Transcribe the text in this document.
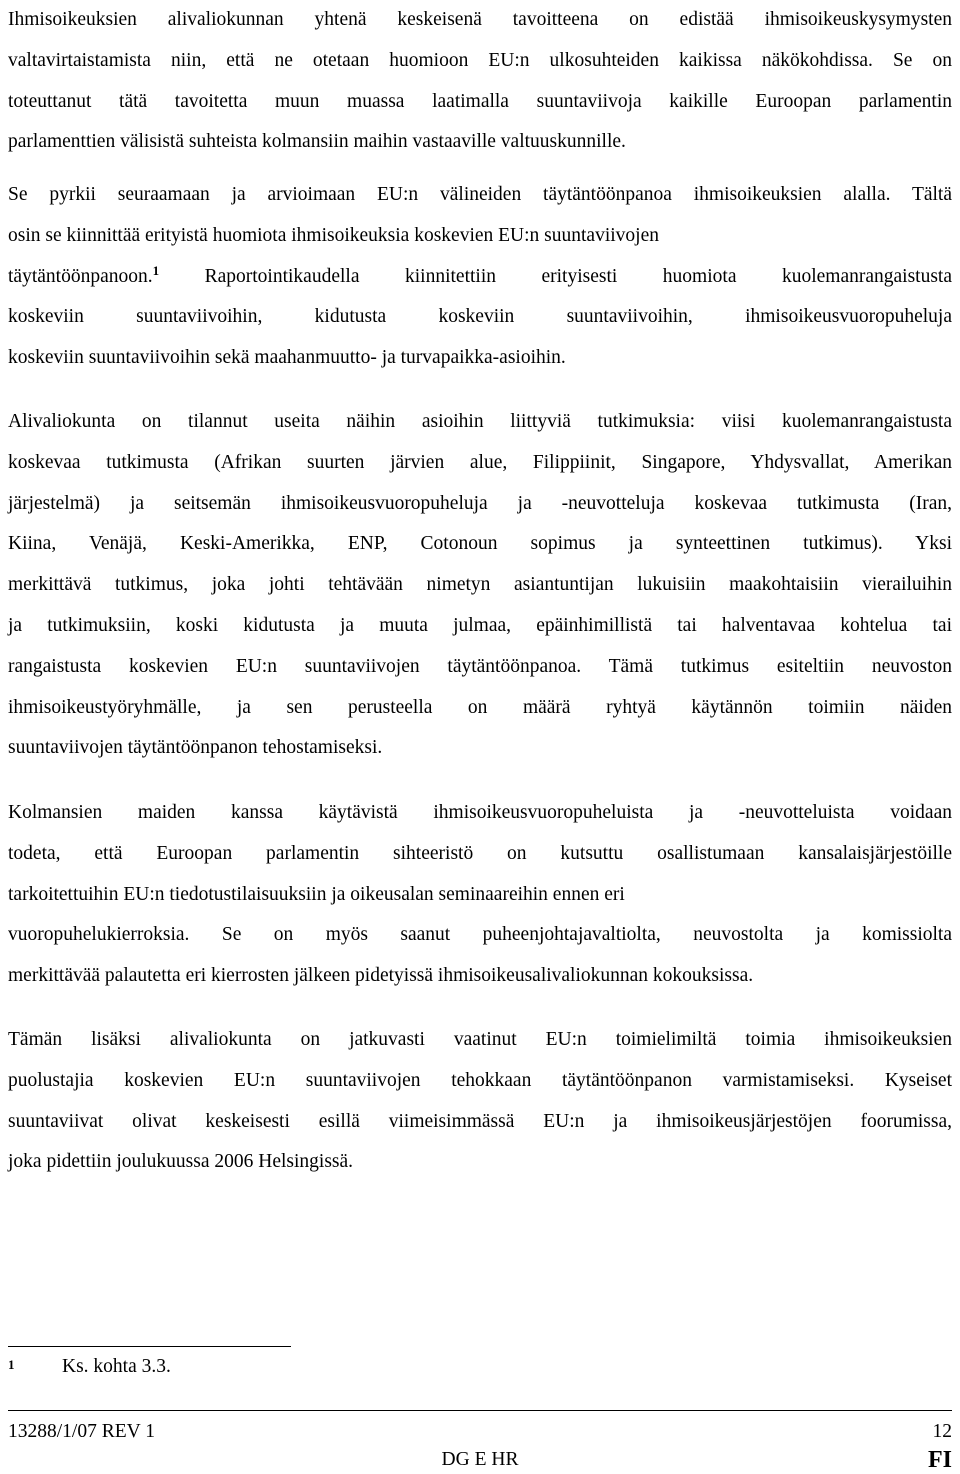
Ihmisoikeuksien alivaliokunnan yhtenä keskeisenä tavoitteena on edistää ihmisoikeuskysymysten
valtavirtaistamista niin, että ne otetaan huomioon EU:n ulkosuhteiden kaikissa näkökohdissa. Se on
toteuttanut tätä tavoitetta muun muassa laatimalla suuntaviivoja kaikille Euroopan parlamentin
parlamenttien välisistä suhteista kolmansiin maihin vastaaville valtuuskunnille.

Se pyrkii seuraamaan ja arvioimaan EU:n välineiden täytäntöönpanoa ihmisoikeuksien alalla. Tältä
osin se kiinnittää erityistä huomiota ihmisoikeuksia koskevien EU:n suuntaviivojen
täytäntöönpanoon.$^1$ Raportointikaudella kiinnitettiin erityisesti huomiota kuolemanrangaistusta
koskeviin suuntaviivoihin, kidutusta koskeviin suuntaviivoihin, ihmisoikeusvuoropuheluja
koskeviin suuntaviivoihin sekä maahanmuutto- ja turvapaikka-asioihin.

Alivaliokunta on tilannut useita näihin asioihin liittyviä tutkimuksia: viisi kuolemanrangaistusta
koskevaa tutkimusta (Afrikan suurten järvien alue, Filippiinit, Singapore, Yhdysvallat, Amerikan
järjestelmä) ja seitsemän ihmisoikeusvuoropuheluja ja -neuvotteluja koskevaa tutkimusta (Iran,
Kiina, Venäjä, Keski-Amerikka, ENP, Cotonoun sopimus ja synteettinen tutkimus). Yksi
merkittävä tutkimus, joka johti tehtävään nimetyn asiantuntijan lukuisiin maakohtaisiin vierailuihin
ja tutkimuksiin, koski kidutusta ja muuta julmaa, epäinhimillistä tai halventavaa kohtelua tai
rangaistusta koskevien EU:n suuntaviivojen täytäntöönpanoa. Tämä tutkimus esiteltiin neuvoston
ihmisoikeustyöryhmälle, ja sen perusteella on määrä ryhtyä käytännön toimiin näiden
suuntaviivojen täytäntöönpanon tehostamiseksi.

Kolmansien maiden kanssa käytävistä ihmisoikeusvuoropuheluista ja -neuvotteluista voidaan
todeta, että Euroopan parlamentin sihteeristö on kutsuttu osallistumaan kansalaisjärjestöille
tarkoitettuihin EU:n tiedotustilaisuuksiin ja oikeusalan seminaareihin ennen eri
vuoropuhelukierroksia. Se on myös saanut puheenjohtajavaltiolta, neuvostolta ja komissiolta
merkittävää palautetta eri kierrosten jälkeen pidetyissä ihmisoikeusalivaliokunnan kokouksissa.

Tämän lisäksi alivaliokunta on jatkuvasti vaatinut EU:n toimielimiltä toimia ihmisoikeuksien
puolustajia koskevien EU:n suuntaviivojen tehokkaan täytäntöönpanon varmistamiseksi. Kyseiset
suuntaviivat olivat keskeisesti esillä viimeisimmässä EU:n ja ihmisoikeusjärjestöjen foorumissa,
joka pidettiin joulukuussa 2006 Helsingissä.

1 Ks. kohta 3.3.
13288/1/07 REV 1	12
DG E HR	FI
